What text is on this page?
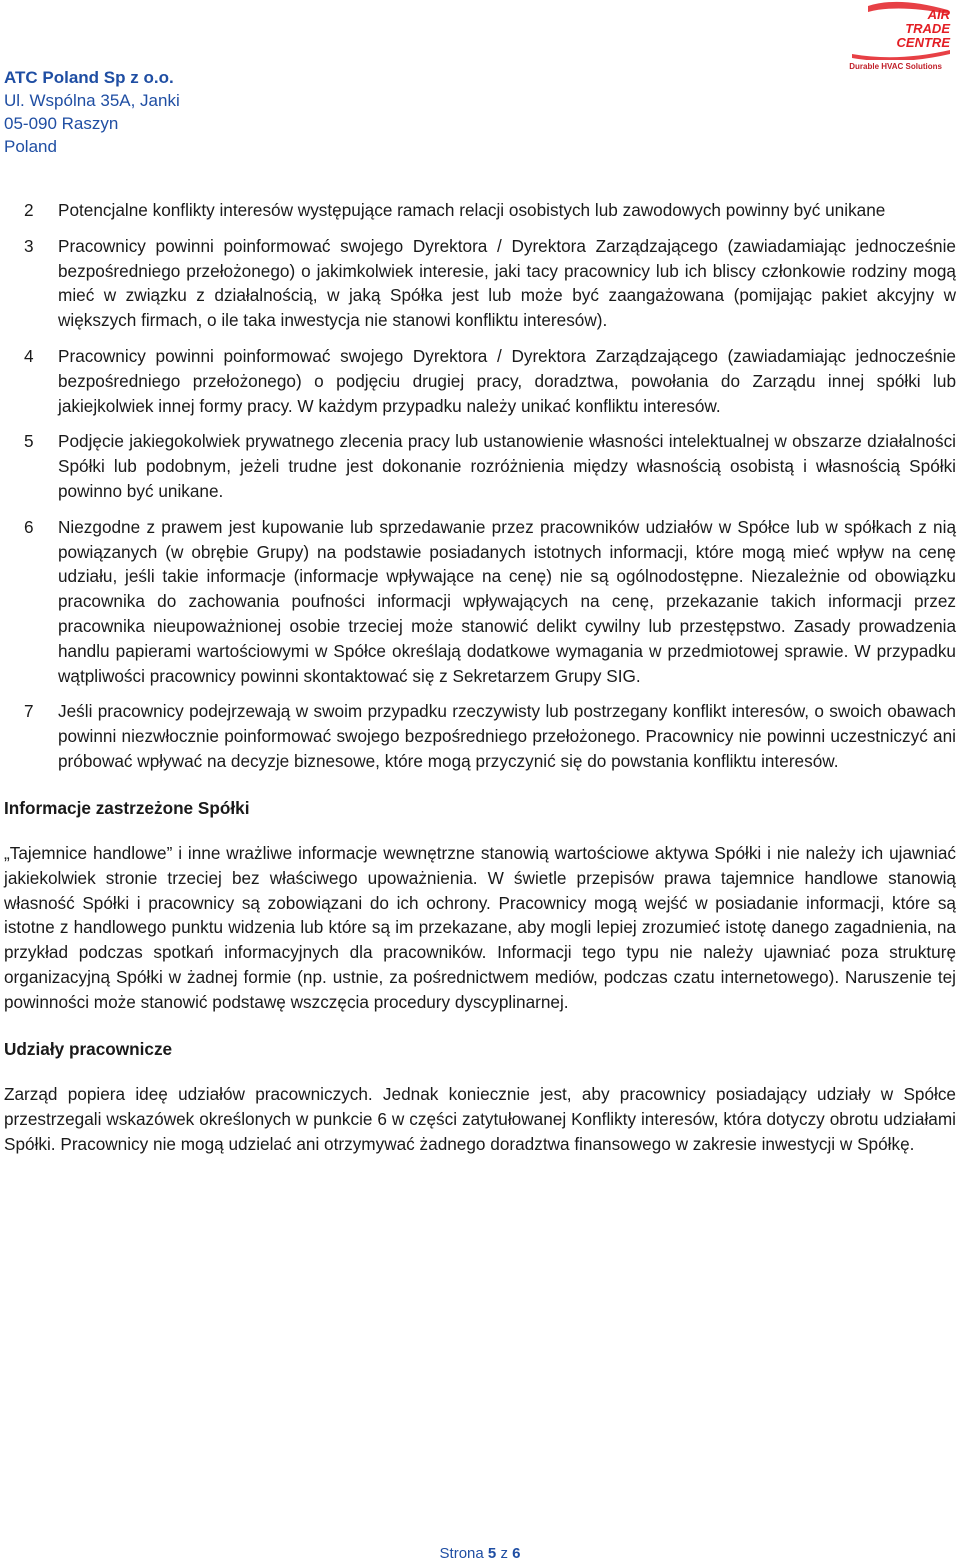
ATC Poland Sp z o.o.
Ul. Wspólna 35A, Janki
05-090 Raszyn
Poland
AIR
TRADE
CENTRE
Durable HVAC Solutions
2 Potencjalne konflikty interesów występujące ramach relacji osobistych lub zawodowych powinny być unikane
3 Pracownicy powinni poinformować swojego Dyrektora / Dyrektora Zarządzającego (zawiadamiając jednocześnie bezpośredniego przełożonego) o jakimkolwiek interesie, jaki tacy pracownicy lub ich bliscy członkowie rodziny mogą mieć w związku z działalnością, w jaką Spółka jest lub może być zaangażowana (pomijając pakiet akcyjny w większych firmach, o ile taka inwestycja nie stanowi konfliktu interesów).
4 Pracownicy powinni poinformować swojego Dyrektora / Dyrektora Zarządzającego (zawiadamiając jednocześnie bezpośredniego przełożonego) o podjęciu drugiej pracy, doradztwa, powołania do Zarządu innej spółki lub jakiejkolwiek innej formy pracy. W każdym przypadku należy unikać konfliktu interesów.
5 Podjęcie jakiegokolwiek prywatnego zlecenia pracy lub ustanowienie własności intelektualnej w obszarze działalności Spółki lub podobnym, jeżeli trudne jest dokonanie rozróżnienia między własnością osobistą i własnością Spółki powinno być unikane.
6 Niezgodne z prawem jest kupowanie lub sprzedawanie przez pracowników udziałów w Spółce lub w spółkach z nią powiązanych (w obrębie Grupy) na podstawie posiadanych istotnych informacji, które mogą mieć wpływ na cenę udziału, jeśli takie informacje (informacje wpływające na cenę) nie są ogólnodostępne. Niezależnie od obowiązku pracownika do zachowania poufności informacji wpływających na cenę, przekazanie takich informacji przez pracownika nieupoważnionej osobie trzeciej może stanowić delikt cywilny lub przestępstwo. Zasady prowadzenia handlu papierami wartościowymi w Spółce określają dodatkowe wymagania w przedmiotowej sprawie. W przypadku wątpliwości pracownicy powinni skontaktować się z Sekretarzem Grupy SIG.
7 Jeśli pracownicy podejrzewają w swoim przypadku rzeczywisty lub postrzegany konflikt interesów, o swoich obawach powinni niezwłocznie poinformować swojego bezpośredniego przełożonego. Pracownicy nie powinni uczestniczyć ani próbować wpływać na decyzje biznesowe, które mogą przyczynić się do powstania konfliktu interesów.
Informacje zastrzeżone Spółki

„Tajemnice handlowe” i inne wrażliwe informacje wewnętrzne stanowią wartościowe aktywa Spółki i nie należy ich ujawniać jakiekolwiek stronie trzeciej bez właściwego upoważnienia. W świetle przepisów prawa tajemnice handlowe stanowią własność Spółki i pracownicy są zobowiązani do ich ochrony. Pracownicy mogą wejść w posiadanie informacji, które są istotne z handlowego punktu widzenia lub które są im przekazane, aby mogli lepiej zrozumieć istotę danego zagadnienia, na przykład podczas spotkań informacyjnych dla pracowników. Informacji tego typu nie należy ujawniać poza strukturę organizacyjną Spółki w żadnej formie (np. ustnie, za pośrednictwem mediów, podczas czatu internetowego). Naruszenie tej powinności może stanowić podstawę wszczęcia procedury dyscyplinarnej.

Udziały pracownicze

Zarząd popiera ideę udziałów pracowniczych. Jednak koniecznie jest, aby pracownicy posiadający udziały w Spółce przestrzegali wskazówek określonych w punkcie 6 w części zatytułowanej Konflikty interesów, która dotyczy obrotu udziałami Spółki. Pracownicy nie mogą udzielać ani otrzymywać żadnego doradztwa finansowego w zakresie inwestycji w Spółkę.

Strona 5 z 6
